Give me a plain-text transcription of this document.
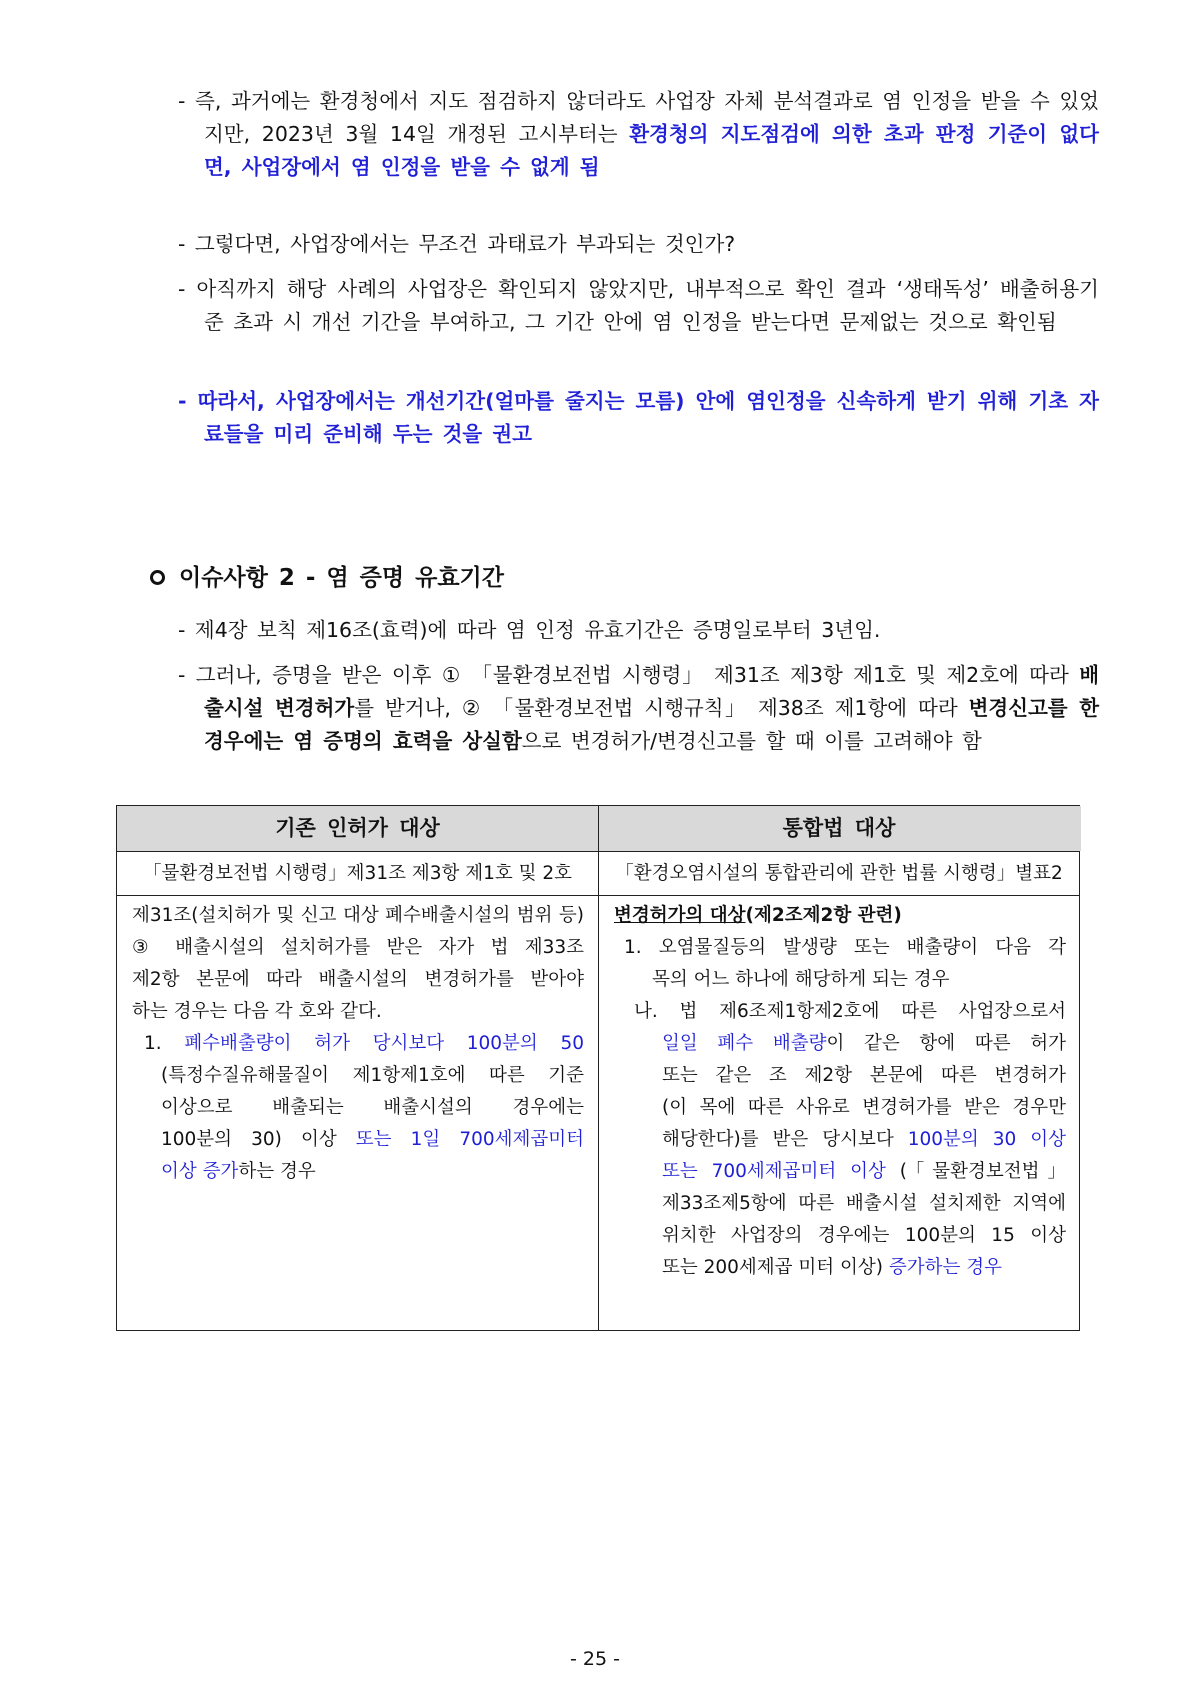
- 즉, 과거에는 환경청에서 지도 점검하지 않더라도 사업장 자체 분석결과로 염 인정을 받을 수 있었지만, 2023년 3월 14일 개정된 고시부터는 환경청의 지도점검에 의한 초과 판정 기준이 없다면, 사업장에서 염 인정을 받을 수 없게 됨
- 그렇다면, 사업장에서는 무조건 과태료가 부과되는 것인가?
- 아직까지 해당 사례의 사업장은 확인되지 않았지만, 내부적으로 확인 결과 ‘생태독성’ 배출허용기준 초과 시 개선 기간을 부여하고, 그 기간 안에 염 인정을 받는다면 문제없는 것으로 확인됨
- 따라서, 사업장에서는 개선기간(얼마를 줄지는 모름) 안에 염인정을 신속하게 받기 위해 기초 자료들을 미리 준비해 두는 것을 권고
이슈사항 2 - 염 증명 유효기간
- 제4장 보칙 제16조(효력)에 따라 염 인정 유효기간은 증명일로부터 3년임.
- 그러나, 증명을 받은 이후 ① 「물환경보전법 시행령」 제31조 제3항 제1호 및 제2호에 따라 배출시설 변경허가를 받거나, ② 「물환경보전법 시행규칙」 제38조 제1항에 따라 변경신고를 한 경우에는 염 증명의 효력을 상실함으로 변경허가/변경신고를 할 때 이를 고려해야 함
기존 인허가 대상	통합법 대상
「물환경보전법 시행령」제31조 제3항 제1호 및 2호	「환경오염시설의 통합관리에 관한 법률 시행령」별표2
제31조(설치허가 및 신고 대상 폐수배출시설의 범위 등)
③ 배출시설의 설치허가를 받은 자가 법 제33조
제2항 본문에 따라 배출시설의 변경허가를 받아야
하는 경우는 다음 각 호와 같다.
1. 폐수배출량이 허가 당시보다 100분의 50
(특정수질유해물질이 제1항제1호에 따른 기준
이상으로 배출되는 배출시설의 경우에는
100분의 30) 이상 또는 1일 700세제곱미터
이상 증가하는 경우
변경허가의 대상(제2조제2항 관련)
1. 오염물질등의 발생량 또는 배출량이 다음 각
목의 어느 하나에 해당하게 되는 경우
나. 법 제6조제1항제2호에 따른 사업장으로서
일일 폐수 배출량이 같은 항에 따른 허가
또는 같은 조 제2항 본문에 따른 변경허가
(이 목에 따른 사유로 변경허가를 받은 경우만
해당한다)를 받은 당시보다 100분의 30 이상
또는 700세제곱미터 이상 (「물환경보전법」
제33조제5항에 따른 배출시설 설치제한 지역에
위치한 사업장의 경우에는 100분의 15 이상
또는 200세제곱 미터 이상) 증가하는 경우
- 25 -
